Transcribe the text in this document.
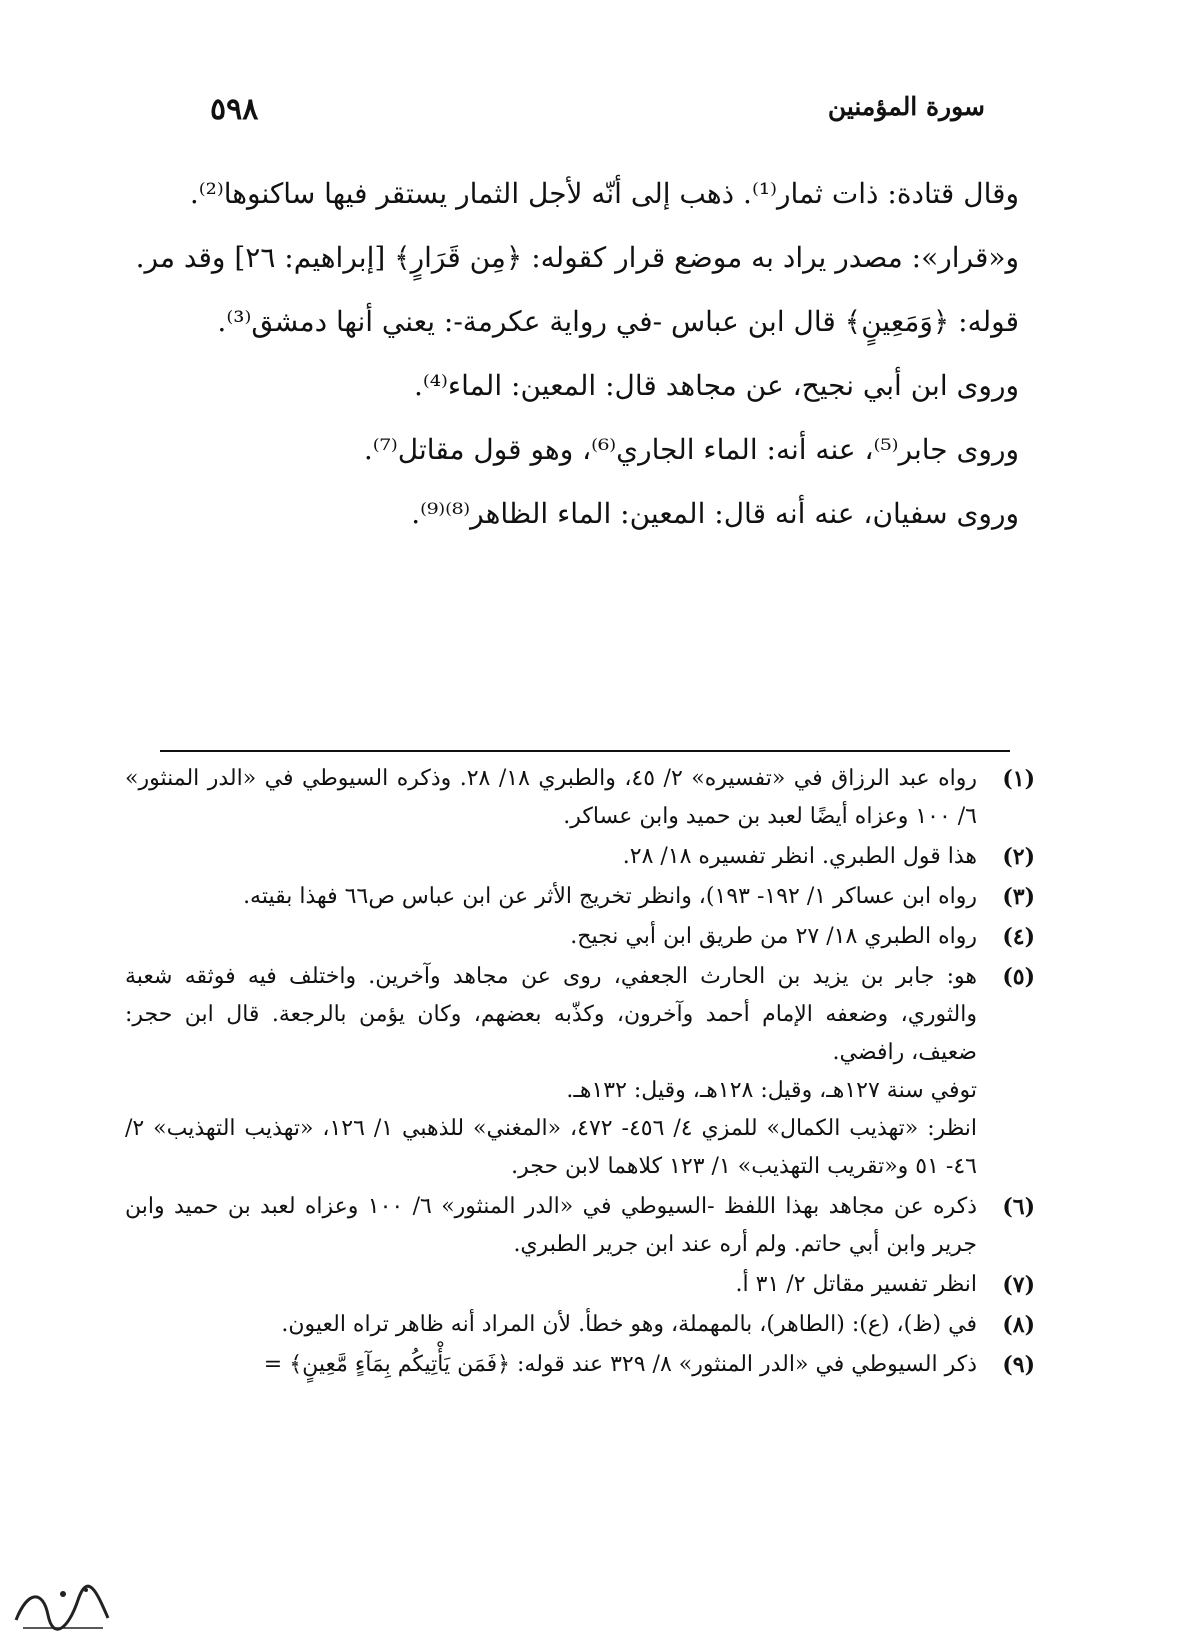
٥٩٨	سورة المؤمنين

وقال قتادة: ذات ثمار⁽¹⁾. ذهب إلى أنّه لأجل الثمار يستقر فيها ساكنوها⁽²⁾.

و«قرار»: مصدر يراد به موضع قرار كقوله: ﴿مِن قَرَارٍ﴾ [إبراهيم: ٢٦] وقد مر.

قوله: ﴿وَمَعِينٍ﴾ قال ابن عباس -في رواية عكرمة-: يعني أنها دمشق⁽³⁾.

وروى ابن أبي نجيح، عن مجاهد قال: المعين: الماء⁽⁴⁾.

وروى جابر⁽⁵⁾، عنه أنه: الماء الجاري⁽⁶⁾، وهو قول مقاتل⁽⁷⁾.

وروى سفيان، عنه أنه قال: المعين: الماء الظاهر⁽⁸⁾⁽⁹⁾.

(١)
رواه عبد الرزاق في «تفسيره» ٢/ ٤٥، والطبري ١٨/ ٢٨. وذكره السيوطي في «الدر المنثور» ٦/ ١٠٠ وعزاه أيضًا لعبد بن حميد وابن عساكر.
(٢)
هذا قول الطبري. انظر تفسيره ١٨/ ٢٨.
(٣)
رواه ابن عساكر ١/ ١٩٢- ١٩٣)، وانظر تخريج الأثر عن ابن عباس ص٦٦ فهذا بقيته.
(٤)
رواه الطبري ١٨/ ٢٧ من طريق ابن أبي نجيح.
(٥)
هو: جابر بن يزيد بن الحارث الجعفي، روى عن مجاهد وآخرين. واختلف فيه فوثقه شعبة والثوري، وضعفه الإمام أحمد وآخرون، وكذّبه بعضهم، وكان يؤمن بالرجعة. قال ابن حجر: ضعيف، رافضي.
توفي سنة ١٢٧هـ، وقيل: ١٢٨هـ، وقيل: ١٣٢هـ.
انظر: «تهذيب الكمال» للمزي ٤/ ٤٥٦- ٤٧٢، «المغني» للذهبي ١/ ١٢٦، «تهذيب التهذيب» ٢/ ٤٦- ٥١ و«تقريب التهذيب» ١/ ١٢٣ كلاهما لابن حجر.
(٦)
ذكره عن مجاهد بهذا اللفظ -السيوطي في «الدر المنثور» ٦/ ١٠٠ وعزاه لعبد بن حميد وابن جرير وابن أبي حاتم. ولم أره عند ابن جرير الطبري.
(٧)
انظر تفسير مقاتل ٢/ ٣١ أ.
(٨)
في (ظ)، (ع): (الطاهر)، بالمهملة، وهو خطأ. لأن المراد أنه ظاهر تراه العيون.
(٩)
ذكر السيوطي في «الدر المنثور» ٨/ ٣٢٩ عند قوله: ﴿فَمَن يَأْتِيكُم بِمَآءٍ مَّعِينٍ﴾ =
